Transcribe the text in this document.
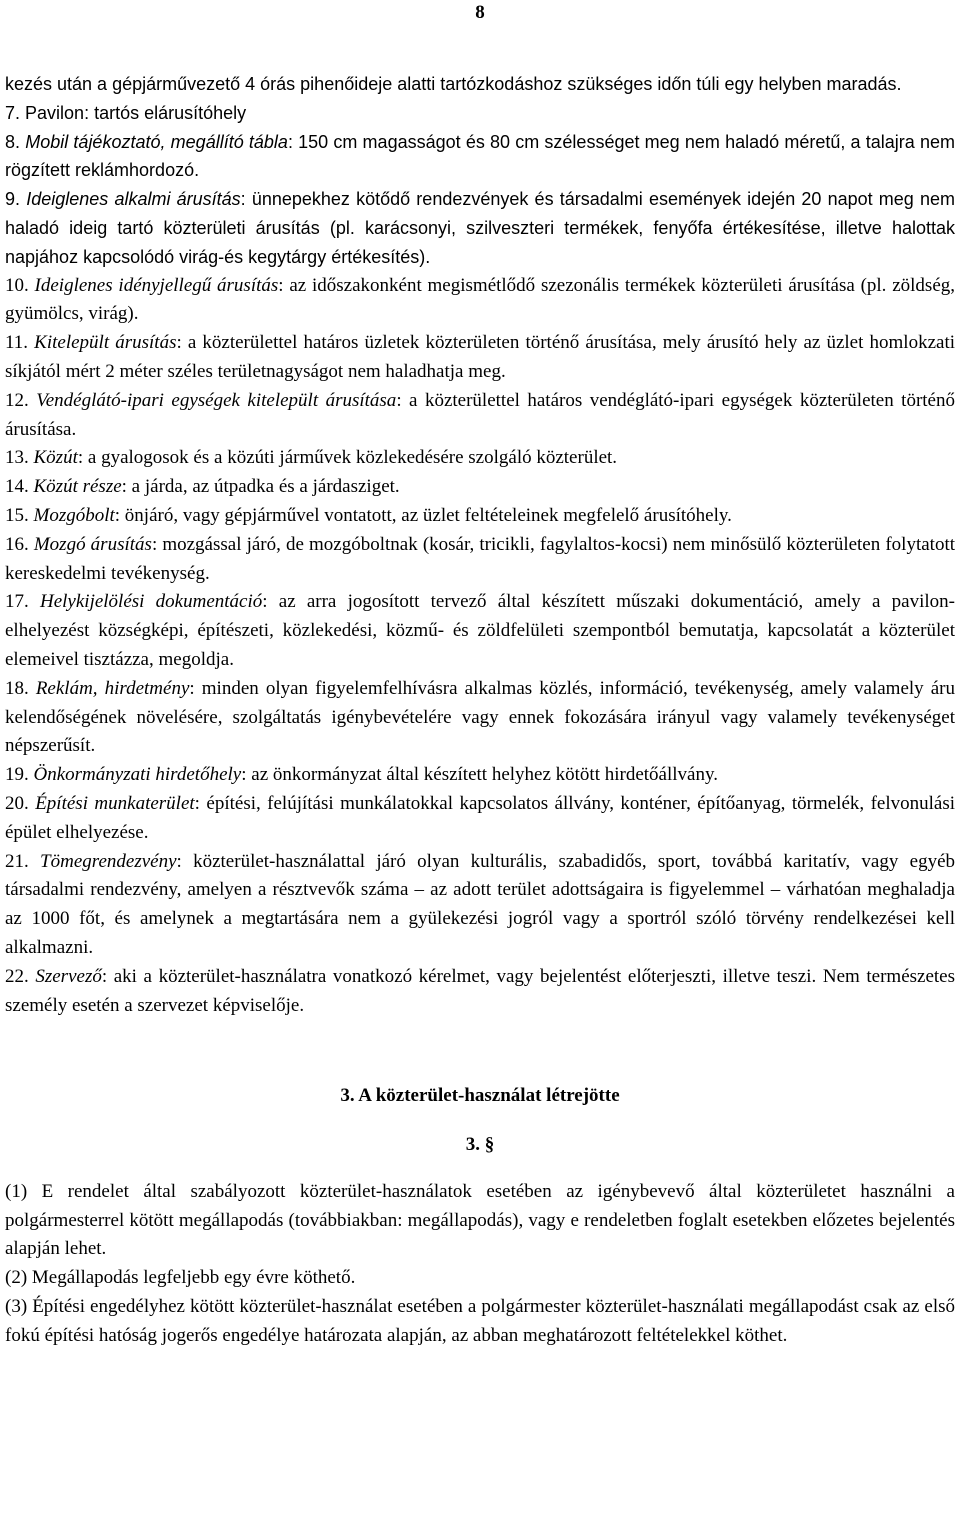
8

kezés után a gépjárművezető 4 órás pihenőideje alatti tartózkodáshoz szükséges időn túli egy helyben maradás.

7. Pavilon: tartós elárusítóhely

8. Mobil tájékoztató, megállító tábla: 150 cm magasságot és 80 cm szélességet meg nem haladó méretű, a talajra nem rögzített reklámhordozó.

9. Ideiglenes alkalmi árusítás: ünnepekhez kötődő rendezvények és társadalmi események idején 20 napot meg nem haladó ideig tartó közterületi árusítás (pl. karácsonyi, szilveszteri termékek, fenyőfa értékesítése, illetve halottak napjához kapcsolódó virág-és kegytárgy értékesítés).

10. Ideiglenes idényjellegű árusítás: az időszakonként megismétlődő szezonális termékek közterületi árusítása (pl. zöldség, gyümölcs, virág).

11. Kitelepült árusítás: a közterülettel határos üzletek közterületen történő árusítása, mely árusító hely az üzlet homlokzati síkjától mért 2 méter széles területnagyságot nem haladhatja meg.

12. Vendéglátó-ipari egységek kitelepült árusítása: a közterülettel határos vendéglátó-ipari egységek közterületen történő árusítása.

13. Közút: a gyalogosok és a közúti járművek közlekedésére szolgáló közterület.

14. Közút része: a járda, az útpadka és a járdasziget.

15. Mozgóbolt: önjáró, vagy gépjárművel vontatott, az üzlet feltételeinek megfelelő árusítóhely.

16. Mozgó árusítás: mozgással járó, de mozgóboltnak (kosár, tricikli, fagylaltos-kocsi) nem minősülő közterületen folytatott kereskedelmi tevékenység.

17. Helykijelölési dokumentáció: az arra jogosított tervező által készített műszaki dokumentáció, amely a pavilon- elhelyezést községképi, építészeti, közlekedési, közmű- és zöldfelületi szempontból bemutatja, kapcsolatát a közterület elemeivel tisztázza, megoldja.

18. Reklám, hirdetmény: minden olyan figyelemfelhívásra alkalmas közlés, információ, tevékenység, amely valamely áru kelendőségének növelésére, szolgáltatás igénybevételére vagy ennek fokozására irányul vagy valamely tevékenységet népszerűsít.

19. Önkormányzati hirdetőhely: az önkormányzat által készített helyhez kötött hirdetőállvány.

20. Építési munkaterület: építési, felújítási munkálatokkal kapcsolatos állvány, konténer, építőanyag, törmelék, felvonulási épület elhelyezése.

21. Tömegrendezvény: közterület-használattal járó olyan kulturális, szabadidős, sport, továbbá karitatív, vagy egyéb társadalmi rendezvény, amelyen a résztvevők száma – az adott terület adottságaira is figyelemmel – várhatóan meghaladja az 1000 főt, és amelynek a megtartására nem a gyülekezési jogról vagy a sportról szóló törvény rendelkezései kell alkalmazni.

22. Szervező: aki a közterület-használatra vonatkozó kérelmet, vagy bejelentést előterjeszti, illetve teszi. Nem természetes személy esetén a szervezet képviselője.

3. A közterület-használat létrejötte

3. §

(1) E rendelet által szabályozott közterület-használatok esetében az igénybevevő által közterületet használni a polgármesterrel kötött megállapodás (továbbiakban: megállapodás), vagy e rendeletben foglalt esetekben előzetes bejelentés alapján lehet.

(2) Megállapodás legfeljebb egy évre köthető.

(3) Építési engedélyhez kötött közterület-használat esetében a polgármester közterület-használati megállapodást csak az első fokú építési hatóság jogerős engedélye határozata alapján, az abban meghatározott feltételekkel köthet.
